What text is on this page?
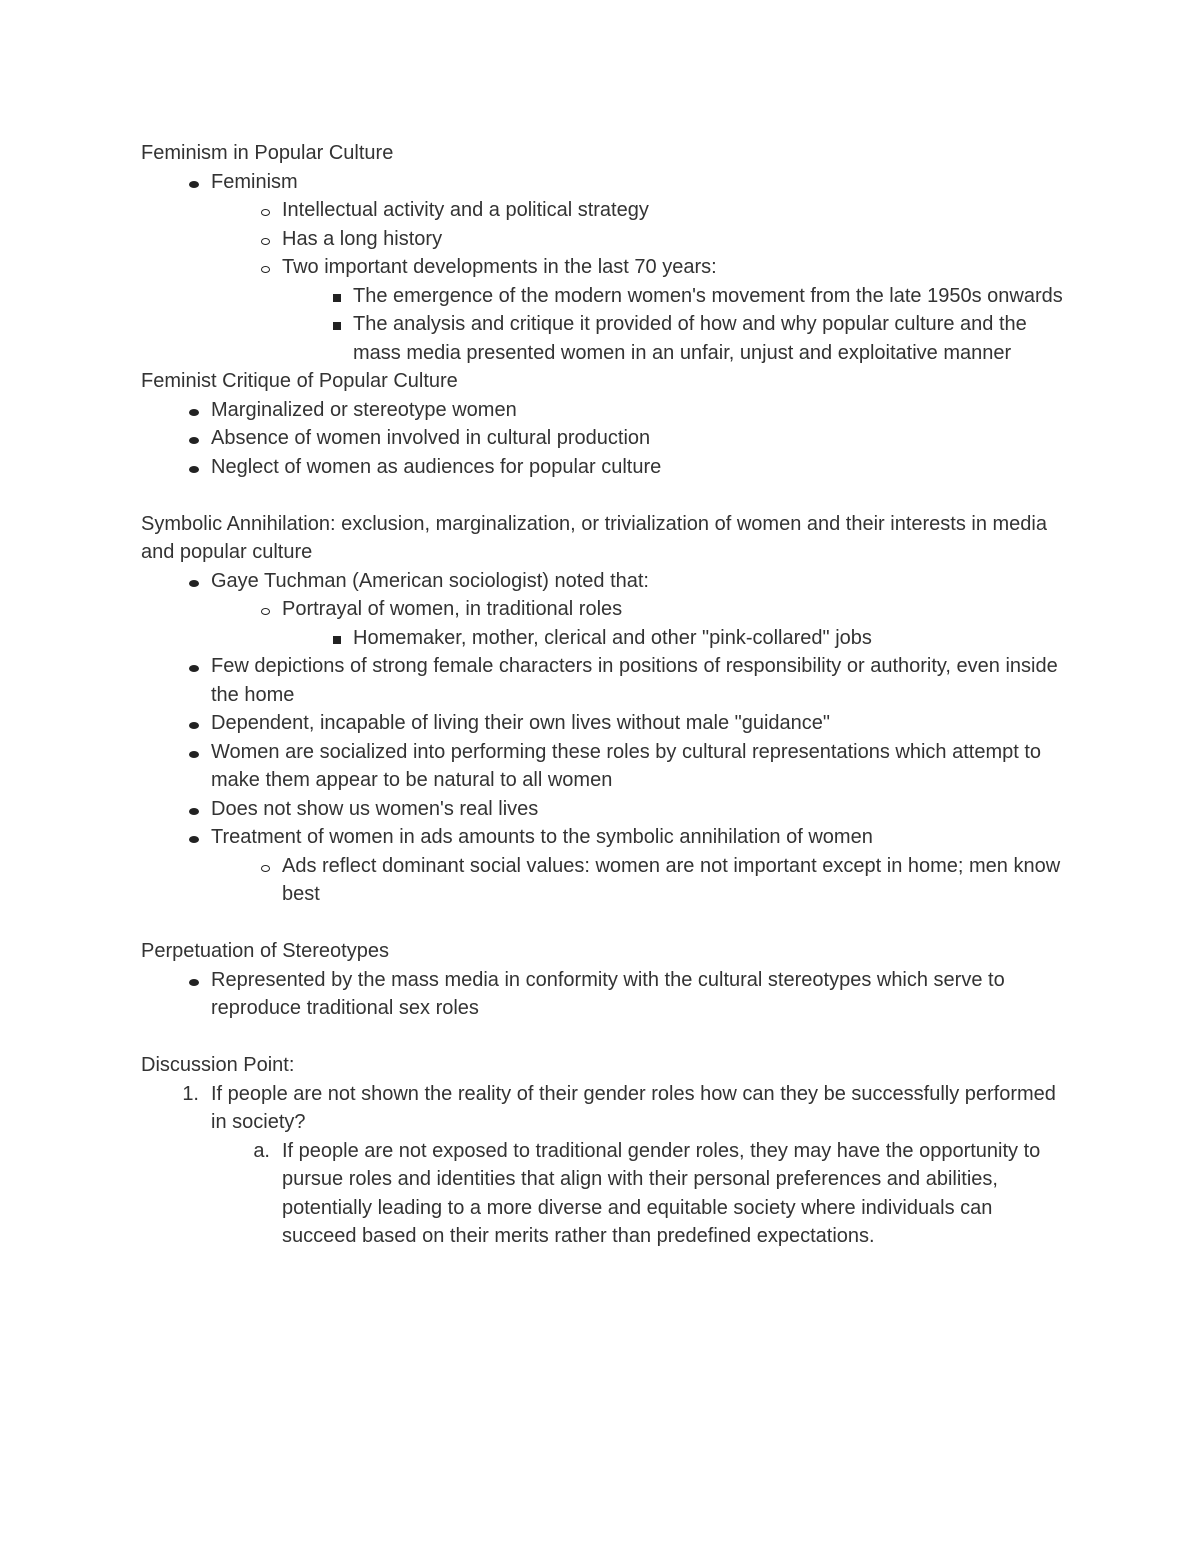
Feminism in Popular Culture

Feminism
Intellectual activity and a political strategy
Has a long history
Two important developments in the last 70 years:
The emergence of the modern women's movement from the late 1950s onwards
The analysis and critique it provided of how and why popular culture and the mass media presented women in an unfair, unjust and exploitative manner

Feminist Critique of Popular Culture

Marginalized or stereotype women
Absence of women involved in cultural production
Neglect of women as audiences for popular culture

Symbolic Annihilation: exclusion, marginalization, or trivialization of women and their interests in media and popular culture

Gaye Tuchman (American sociologist) noted that:
Portrayal of women, in traditional roles
Homemaker, mother, clerical and other "pink-collared" jobs
Few depictions of strong female characters in positions of responsibility or authority, even inside the home
Dependent, incapable of living their own lives without male "guidance"
Women are socialized into performing these roles by cultural representations which attempt to make them appear to be natural to all women
Does not show us women's real lives
Treatment of women in ads amounts to the symbolic annihilation of women
Ads reflect dominant social values: women are not important except in home; men know best

Perpetuation of Stereotypes

Represented by the mass media in conformity with the cultural stereotypes which serve to reproduce traditional sex roles

Discussion Point:

1. If people are not shown the reality of their gender roles how can they be successfully performed in society?
a. If people are not exposed to traditional gender roles, they may have the opportunity to pursue roles and identities that align with their personal preferences and abilities, potentially leading to a more diverse and equitable society where individuals can succeed based on their merits rather than predefined expectations.
